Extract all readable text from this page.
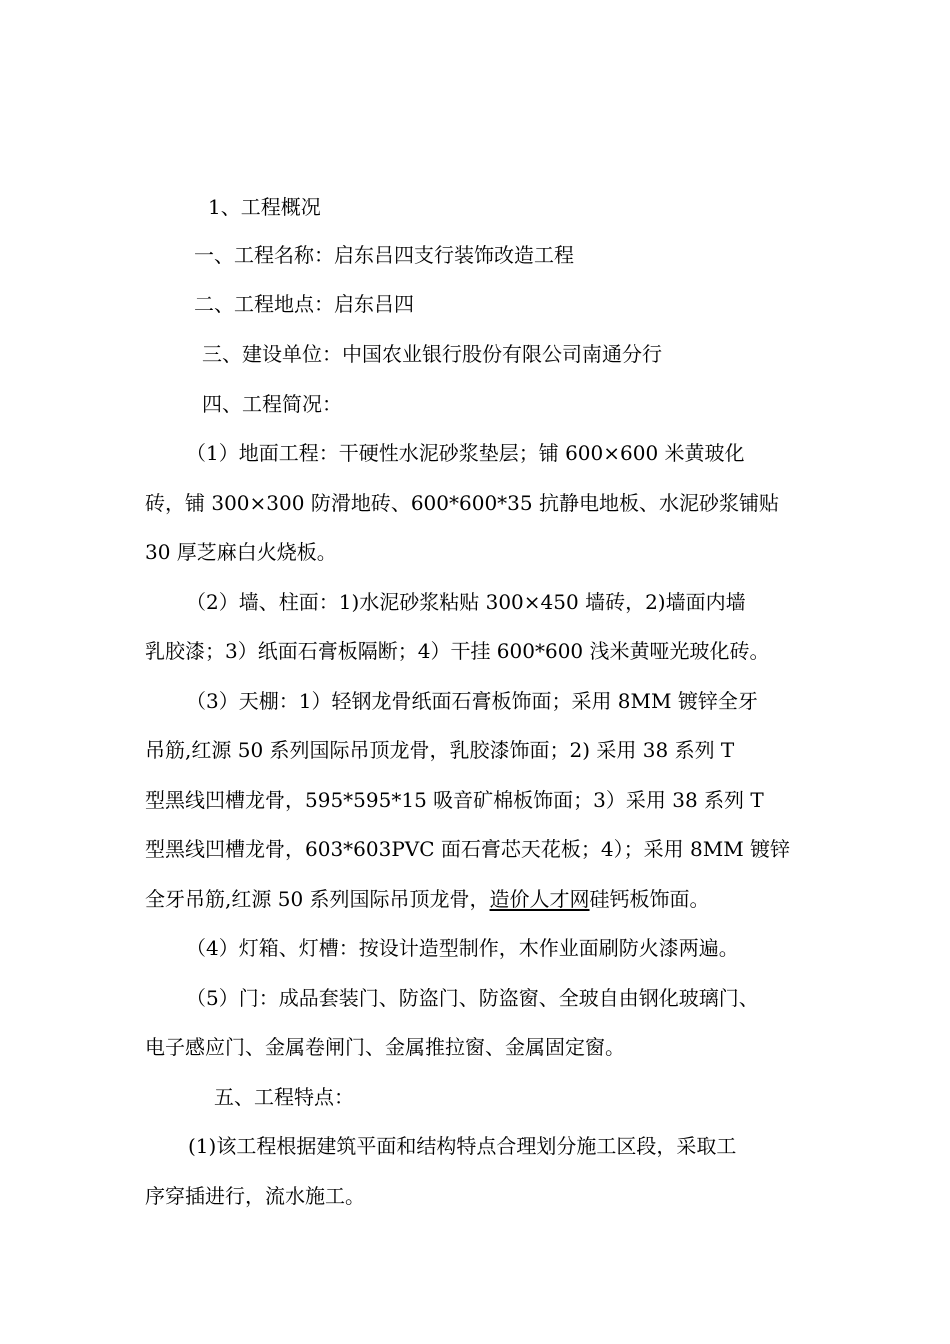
1、工程概况
一、工程名称：启东吕四支行装饰改造工程
二、工程地点：启东吕四
三、建设单位：中国农业银行股份有限公司南通分行
四、工程简况：
（1）地面工程：干硬性水泥砂浆垫层；铺 600×600 米黄玻化
砖，铺 300×300 防滑地砖、600*600*35 抗静电地板、水泥砂浆铺贴
30 厚芝麻白火烧板。
（2）墙、柱面：1)水泥砂浆粘贴 300×450 墙砖，2)墙面内墙
乳胶漆；3）纸面石膏板隔断；4）干挂 600*600 浅米黄哑光玻化砖。
（3）天棚：1）轻钢龙骨纸面石膏板饰面；采用 8MM 镀锌全牙
吊筋,红源 50 系列国际吊顶龙骨，乳胶漆饰面；2) 采用 38 系列 T
型黑线凹槽龙骨，595*595*15 吸音矿棉板饰面；3）采用 38 系列 T
型黑线凹槽龙骨，603*603PVC 面石膏芯天花板；4）；采用 8MM 镀锌
全牙吊筋,红源 50 系列国际吊顶龙骨，造价人才网硅钙板饰面。
（4）灯箱、灯槽：按设计造型制作，木作业面刷防火漆两遍。
（5）门：成品套装门、防盗门、防盗窗、全玻自由钢化玻璃门、
电子感应门、金属卷闸门、金属推拉窗、金属固定窗。
五、工程特点：
(1)该工程根据建筑平面和结构特点合理划分施工区段，采取工
序穿插进行，流水施工。
